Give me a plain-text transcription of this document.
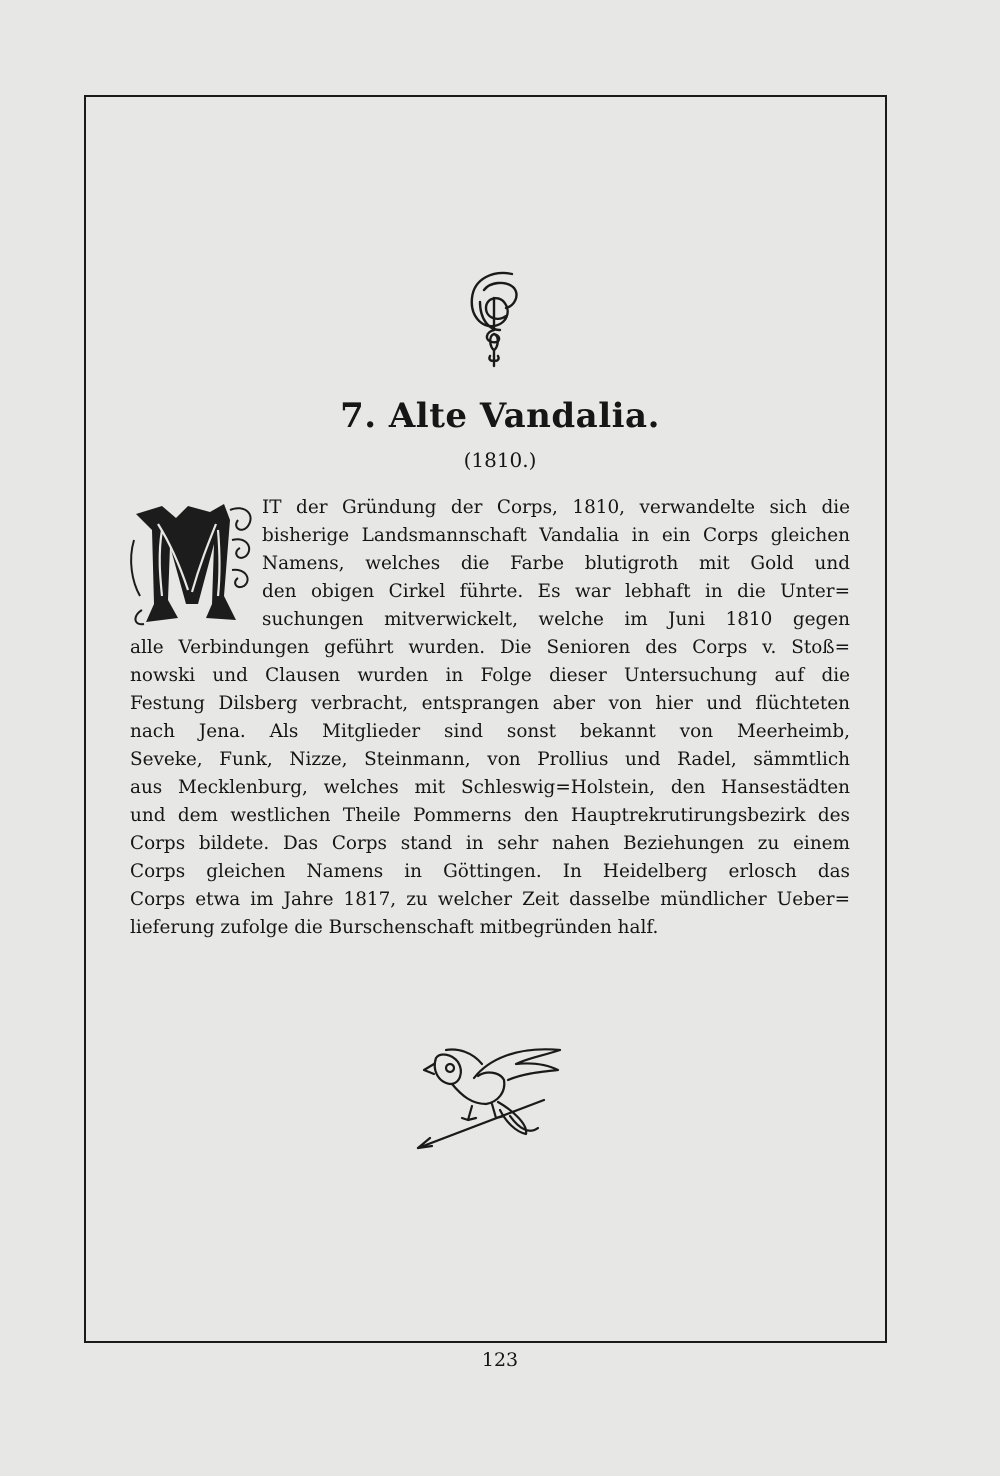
7. Alte Vandalia.
(1810.)
IT der Gründung der Corps, 1810, verwandelte sich die
bisherige Landsmannschaft Vandalia in ein Corps gleichen
Namens, welches die Farbe blutigroth mit Gold und
den obigen Cirkel führte. Es war lebhaft in die Unter=
suchungen mitverwickelt, welche im Juni 1810 gegen
alle Verbindungen geführt wurden. Die Senioren des Corps v. Stoß=
nowski und Clausen wurden in Folge dieser Untersuchung auf die
Festung Dilsberg verbracht, entsprangen aber von hier und flüchteten
nach Jena. Als Mitglieder sind sonst bekannt von Meerheimb,
Seveke, Funk, Nizze, Steinmann, von Prollius und Radel, sämmtlich
aus Mecklenburg, welches mit Schleswig=Holstein, den Hansestädten
und dem westlichen Theile Pommerns den Hauptrekrutirungsbezirk des
Corps bildete. Das Corps stand in sehr nahen Beziehungen zu einem
Corps gleichen Namens in Göttingen. In Heidelberg erlosch das
Corps etwa im Jahre 1817, zu welcher Zeit dasselbe mündlicher Ueber=
lieferung zufolge die Burschenschaft mitbegründen half.
123
